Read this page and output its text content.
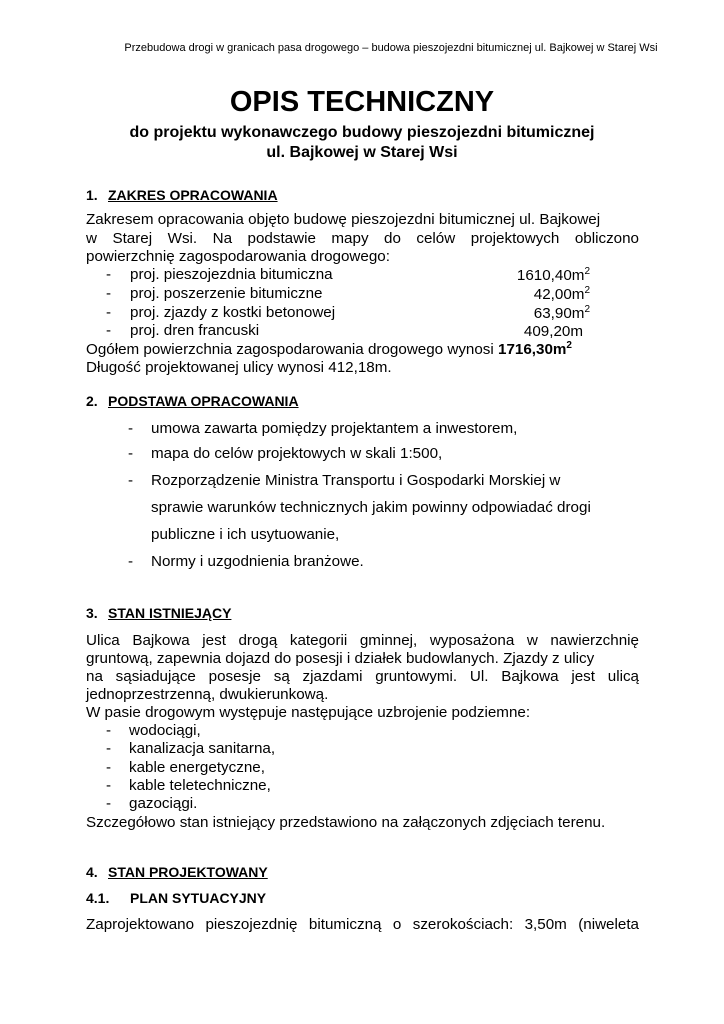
Przebudowa drogi w granicach pasa drogowego – budowa pieszojezdni bitumicznej ul. Bajkowej w Starej Wsi
OPIS TECHNICZNY
do projektu wykonawczego budowy pieszojezdni bitumicznej
ul. Bajkowej w Starej Wsi
1. ZAKRES OPRACOWANIA
Zakresem opracowania objęto budowę pieszojezdni bitumicznej ul. Bajkowej
w Starej Wsi. Na podstawie mapy do celów projektowych obliczono
powierzchnię zagospodarowania drogowego:
- proj. pieszojezdnia bitumiczna	$1610,40m^2$
- proj. poszerzenie bitumiczne	$42,00m^2$
- proj. zjazdy z kostki betonowej	$63,90m^2$
- proj. dren francuski	409,20m
Ogółem powierzchnia zagospodarowania drogowego wynosi $1716,30m^2$
Długość projektowanej ulicy wynosi 412,18m.
2. PODSTAWA OPRACOWANIA
- umowa zawarta pomiędzy projektantem a inwestorem,
- mapa do celów projektowych w skali 1:500,
- Rozporządzenie Ministra Transportu i Gospodarki Morskiej w
sprawie warunków technicznych jakim powinny odpowiadać drogi
publiczne i ich usytuowanie,
- Normy i uzgodnienia branżowe.
3. STAN ISTNIEJĄCY
Ulica Bajkowa jest drogą kategorii gminnej, wyposażona w nawierzchnię
gruntową, zapewnia dojazd do posesji i działek budowlanych. Zjazdy z ulicy
na sąsiadujące posesje są zjazdami gruntowymi. Ul. Bajkowa jest ulicą
jednoprzestrzenną, dwukierunkową.
W pasie drogowym występuje następujące uzbrojenie podziemne:
- wodociągi,
- kanalizacja sanitarna,
- kable energetyczne,
- kable teletechniczne,
- gazociągi.
Szczegółowo stan istniejący przedstawiono na załączonych zdjęciach terenu.
4. STAN PROJEKTOWANY
4.1. PLAN SYTUACYJNY
Zaprojektowano pieszojezdnię bitumiczną o szerokościach: 3,50m (niweleta
